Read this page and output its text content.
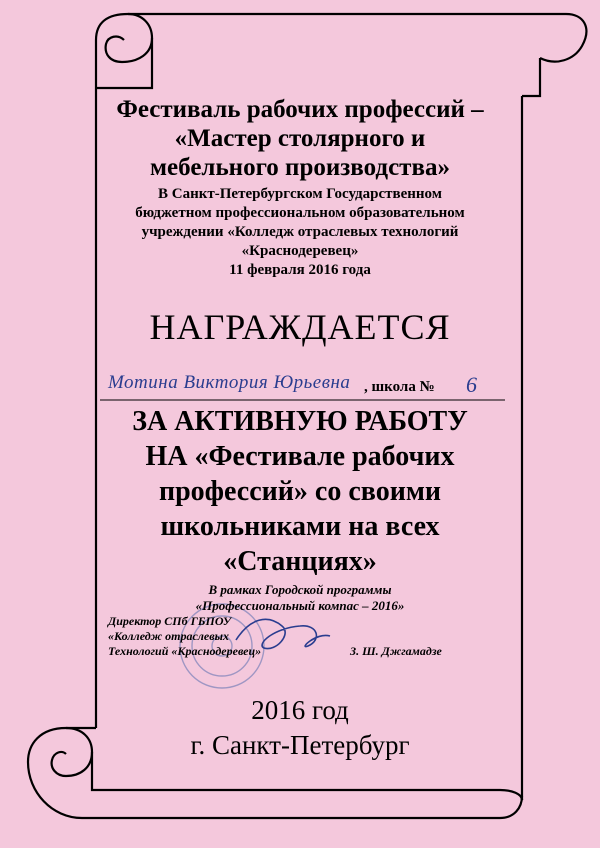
Фестиваль рабочих профессий –
«Мастер столярного и
мебельного производства»
В Санкт-Петербургском Государственном
бюджетном профессиональном образовательном
учреждении «Колледж отраслевых технологий
«Краснодеревец»
11 февраля 2016 года
НАГРАЖДАЕТСЯ
Мотина Виктория Юрьевна , школа № 6
ЗА АКТИВНУЮ РАБОТУ
НА «Фестивале рабочих
профессий» со своими
школьниками на всех
«Станциях»
В рамках Городской программы
«Профессиональный компас – 2016»
Директор СПб ГБПОУ
«Колледж отраслевых
Технологий «Краснодеревец»	З. Ш. Джгамадзе
2016 год
г. Санкт-Петербург
